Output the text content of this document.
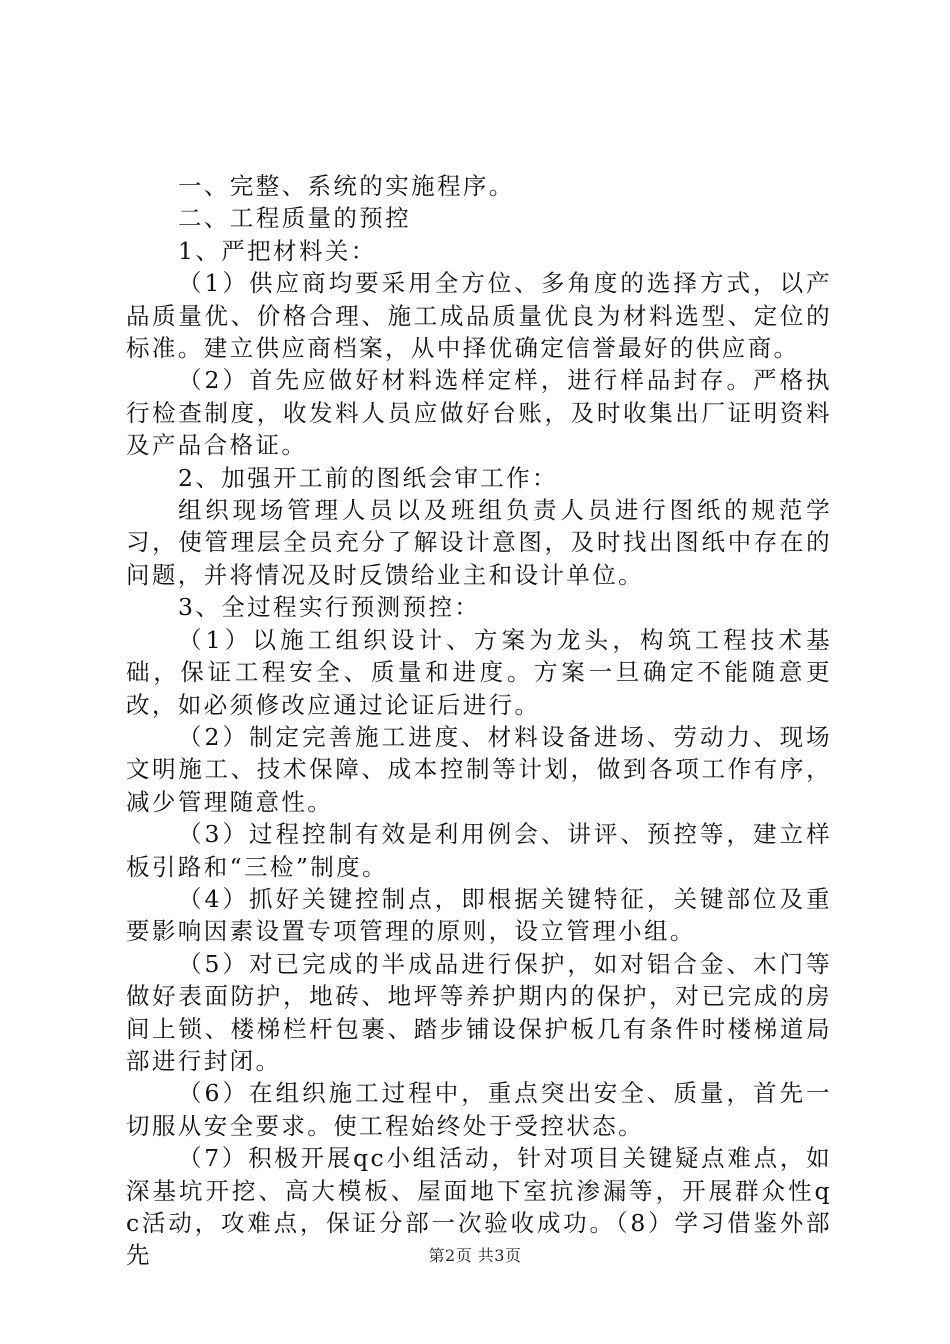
一、完整、系统的实施程序。

二、工程质量的预控

1、严把材料关：

（1）供应商均要采用全方位、多角度的选择方式，以产品质量优、价格合理、施工成品质量优良为材料选型、定位的标准。建立供应商档案，从中择优确定信誉最好的供应商。

（2）首先应做好材料选样定样，进行样品封存。严格执行检查制度，收发料人员应做好台账，及时收集出厂证明资料及产品合格证。

2、加强开工前的图纸会审工作：

组织现场管理人员以及班组负责人员进行图纸的规范学习，使管理层全员充分了解设计意图，及时找出图纸中存在的问题，并将情况及时反馈给业主和设计单位。

3、全过程实行预测预控：

（1）以施工组织设计、方案为龙头，构筑工程技术基础，保证工程安全、质量和进度。方案一旦确定不能随意更改，如必须修改应通过论证后进行。

（2）制定完善施工进度、材料设备进场、劳动力、现场文明施工、技术保障、成本控制等计划，做到各项工作有序，减少管理随意性。

（3）过程控制有效是利用例会、讲评、预控等，建立样板引路和“三检”制度。

（4）抓好关键控制点，即根据关键特征，关键部位及重要影响因素设置专项管理的原则，设立管理小组。

（5）对已完成的半成品进行保护，如对铝合金、木门等做好表面防护，地砖、地坪等养护期内的保护，对已完成的房间上锁、楼梯栏杆包裹、踏步铺设保护板几有条件时楼梯道局部进行封闭。

（6）在组织施工过程中，重点突出安全、质量，首先一切服从安全要求。使工程始终处于受控状态。

（7）积极开展qc小组活动，针对项目关键疑点难点，如深基坑开挖、高大模板、屋面地下室抗渗漏等，开展群众性qc活动，攻难点，保证分部一次验收成功。（8）学习借鉴外部先	第2页 共3页
